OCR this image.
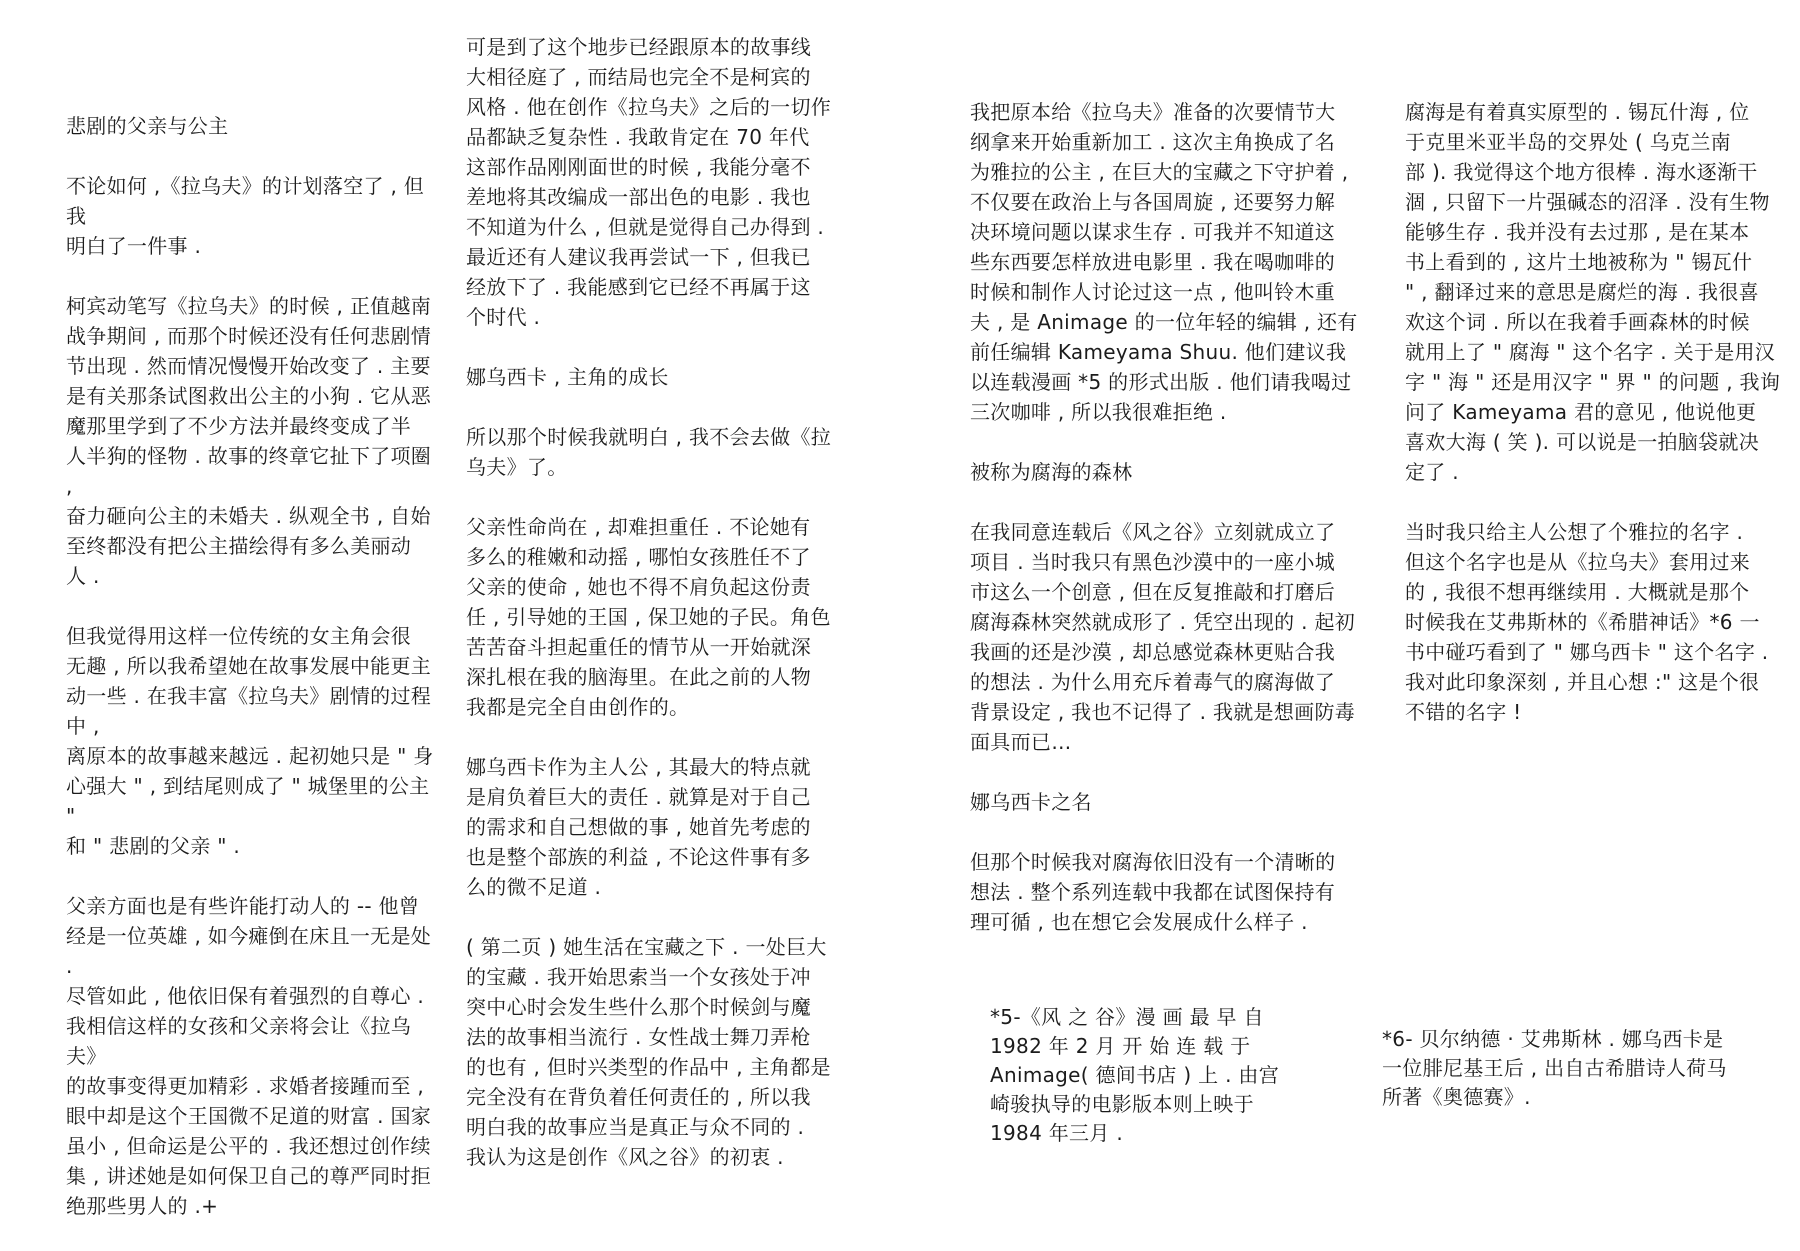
悲剧的父亲与公主

不论如何 ,《拉乌夫》的计划落空了 , 但我
明白了一件事 .

柯宾动笔写《拉乌夫》的时候 , 正值越南
战争期间 , 而那个时候还没有任何悲剧情
节出现 . 然而情况慢慢开始改变了 . 主要
是有关那条试图救出公主的小狗 . 它从恶
魔那里学到了不少方法并最终变成了半
人半狗的怪物 . 故事的终章它扯下了项圈 ,
奋力砸向公主的未婚夫 . 纵观全书 , 自始
至终都没有把公主描绘得有多么美丽动
人 .

但我觉得用这样一位传统的女主角会很
无趣 , 所以我希望她在故事发展中能更主
动一些 . 在我丰富《拉乌夫》剧情的过程中 ,
离原本的故事越来越远 . 起初她只是 " 身
心强大 " , 到结尾则成了 " 城堡里的公主 "
和 " 悲剧的父亲 " .

父亲方面也是有些许能打动人的 -- 他曾
经是一位英雄 , 如今瘫倒在床且一无是处 .
尽管如此 , 他依旧保有着强烈的自尊心 .
我相信这样的女孩和父亲将会让《拉乌夫》
的故事变得更加精彩 . 求婚者接踵而至 ,
眼中却是这个王国微不足道的财富 . 国家
虽小 , 但命运是公平的 . 我还想过创作续
集 , 讲述她是如何保卫自己的尊严同时拒
绝那些男人的 .+

可是到了这个地步已经跟原本的故事线
大相径庭了 , 而结局也完全不是柯宾的
风格 . 他在创作《拉乌夫》之后的一切作
品都缺乏复杂性 . 我敢肯定在 70 年代
这部作品刚刚面世的时候 , 我能分毫不
差地将其改编成一部出色的电影 . 我也
不知道为什么 , 但就是觉得自己办得到 .
最近还有人建议我再尝试一下 , 但我已
经放下了 . 我能感到它已经不再属于这
个时代 .

娜乌西卡 , 主角的成长

所以那个时候我就明白 , 我不会去做《拉
乌夫》了。

父亲性命尚在 , 却难担重任 . 不论她有
多么的稚嫩和动摇 , 哪怕女孩胜任不了
父亲的使命 , 她也不得不肩负起这份责
任 , 引导她的王国 , 保卫她的子民。角色
苦苦奋斗担起重任的情节从一开始就深
深扎根在我的脑海里。在此之前的人物
我都是完全自由创作的。

娜乌西卡作为主人公 , 其最大的特点就
是肩负着巨大的责任 . 就算是对于自己
的需求和自己想做的事 , 她首先考虑的
也是整个部族的利益 , 不论这件事有多
么的微不足道 .

( 第二页 ) 她生活在宝藏之下 . 一处巨大
的宝藏 . 我开始思索当一个女孩处于冲
突中心时会发生些什么那个时候剑与魔
法的故事相当流行 . 女性战士舞刀弄枪
的也有 , 但时兴类型的作品中 , 主角都是
完全没有在背负着任何责任的 , 所以我
明白我的故事应当是真正与众不同的 .
我认为这是创作《风之谷》的初衷 .

我把原本给《拉乌夫》准备的次要情节大
纲拿来开始重新加工 . 这次主角换成了名
为雅拉的公主 , 在巨大的宝藏之下守护着 ,
不仅要在政治上与各国周旋 , 还要努力解
决环境问题以谋求生存 . 可我并不知道这
些东西要怎样放进电影里 . 我在喝咖啡的
时候和制作人讨论过这一点 , 他叫铃木重
夫 , 是 Animage 的一位年轻的编辑 , 还有
前任编辑 Kameyama Shuu. 他们建议我
以连载漫画 *5 的形式出版 . 他们请我喝过
三次咖啡 , 所以我很难拒绝 .

被称为腐海的森林

在我同意连载后《风之谷》立刻就成立了
项目 . 当时我只有黑色沙漠中的一座小城
市这么一个创意 , 但在反复推敲和打磨后
腐海森林突然就成形了 . 凭空出现的 . 起初
我画的还是沙漠 , 却总感觉森林更贴合我
的想法 . 为什么用充斥着毒气的腐海做了
背景设定 , 我也不记得了 . 我就是想画防毒
面具而已…

娜乌西卡之名

但那个时候我对腐海依旧没有一个清晰的
想法 . 整个系列连载中我都在试图保持有
理可循 , 也在想它会发展成什么样子 .

腐海是有着真实原型的 . 锡瓦什海 , 位
于克里米亚半岛的交界处 ( 乌克兰南
部 ). 我觉得这个地方很棒 . 海水逐渐干
涸 , 只留下一片强碱态的沼泽 . 没有生物
能够生存 . 我并没有去过那 , 是在某本
书上看到的 , 这片土地被称为 " 锡瓦什
" , 翻译过来的意思是腐烂的海 . 我很喜
欢这个词 . 所以在我着手画森林的时候
就用上了 " 腐海 " 这个名字 . 关于是用汉
字 " 海 " 还是用汉字 " 界 " 的问题 , 我询
问了 Kameyama 君的意见 , 他说他更
喜欢大海 ( 笑 ). 可以说是一拍脑袋就决
定了 .

当时我只给主人公想了个雅拉的名字 .
但这个名字也是从《拉乌夫》套用过来
的 , 我很不想再继续用 . 大概就是那个
时候我在艾弗斯林的《希腊神话》*6 一
书中碰巧看到了 " 娜乌西卡 " 这个名字 .
我对此印象深刻 , 并且心想 :" 这是个很
不错的名字 !

*5-《风 之 谷》漫 画 最 早 自
1982 年 2 月 开 始 连 载 于
Animage( 德间书店 ) 上 . 由宫
崎骏执导的电影版本则上映于
1984 年三月 .
*6- 贝尔纳德 · 艾弗斯林 . 娜乌西卡是
一位腓尼基王后 , 出自古希腊诗人荷马
所著《奥德赛》.
